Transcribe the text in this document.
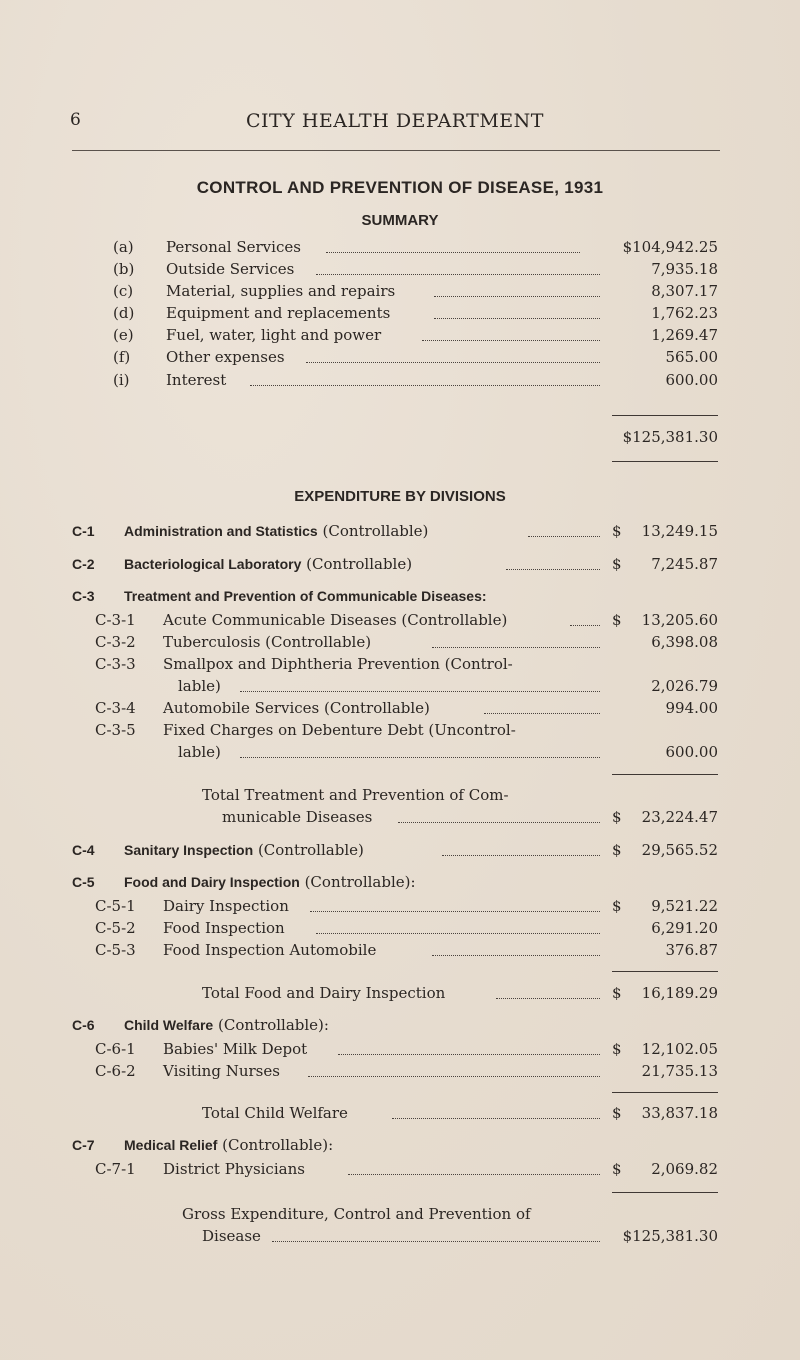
6	CITY HEALTH DEPARTMENT
CONTROL AND PREVENTION OF DISEASE, 1931
SUMMARY
(a) Personal Services	$104,942.25
(b) Outside Services	7,935.18
(c) Material, supplies and repairs	8,307.17
(d) Equipment and replacements	1,762.23
(e) Fuel, water, light and power	1,269.47
(f) Other expenses	565.00
(i) Interest	600.00
$125,381.30
EXPENDITURE BY DIVISIONS
C-1 Administration and Statistics (Controllable)	$ 13,249.15
C-2 Bacteriological Laboratory (Controllable)	$ 7,245.87
C-3 Treatment and Prevention of Communicable Diseases:
C-3-1 Acute Communicable Diseases (Controllable)	$ 13,205.60
C-3-2 Tuberculosis (Controllable)	6,398.08
C-3-3 Smallpox and Diphtheria Prevention (Control-
lable)	2,026.79
C-3-4 Automobile Services (Controllable)	994.00
C-3-5 Fixed Charges on Debenture Debt (Uncontrol-
lable)	600.00
Total Treatment and Prevention of Com-
municable Diseases	$ 23,224.47
C-4 Sanitary Inspection (Controllable)	$ 29,565.52
C-5 Food and Dairy Inspection (Controllable):
C-5-1 Dairy Inspection	$ 9,521.22
C-5-2 Food Inspection	6,291.20
C-5-3 Food Inspection Automobile	376.87
Total Food and Dairy Inspection	$ 16,189.29
C-6 Child Welfare (Controllable):
C-6-1 Babies' Milk Depot	$ 12,102.05
C-6-2 Visiting Nurses	21,735.13
Total Child Welfare	$ 33,837.18
C-7 Medical Relief (Controllable):
C-7-1 District Physicians	$ 2,069.82
Gross Expenditure, Control and Prevention of
Disease	$125,381.30
